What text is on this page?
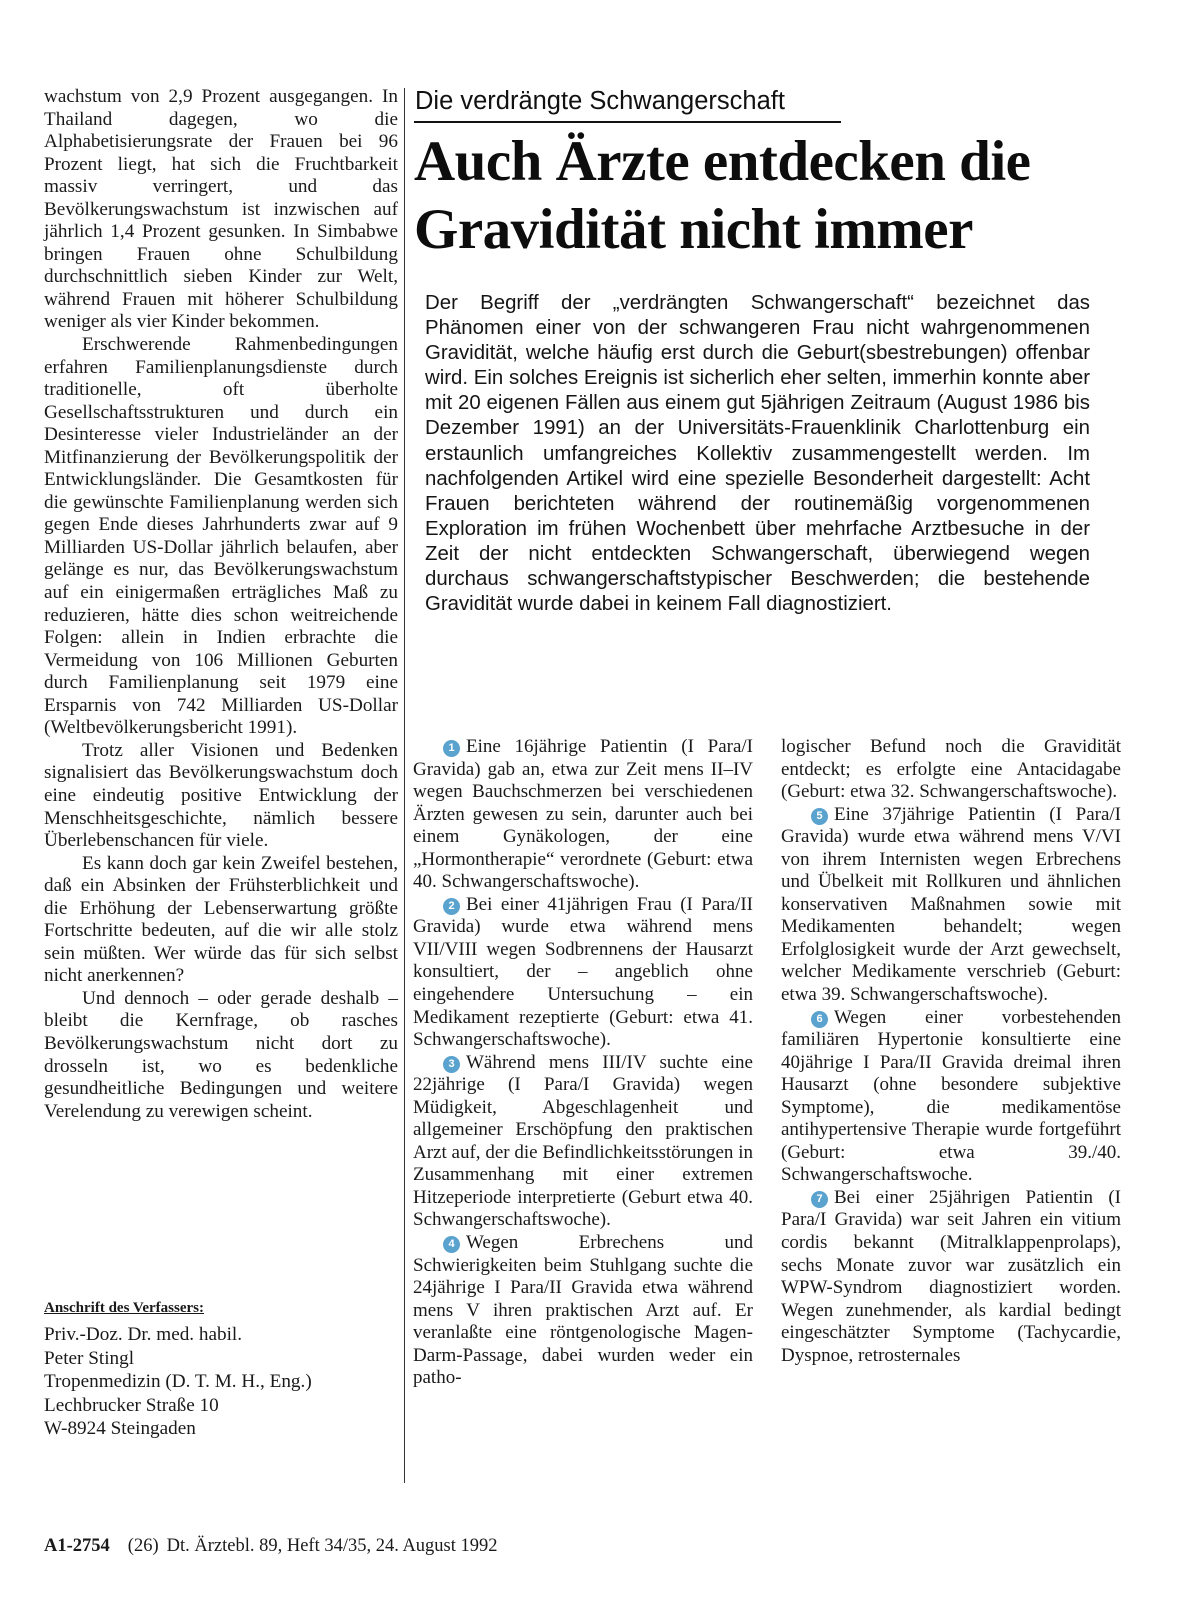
wachstum von 2,9 Prozent ausgegangen. In Thailand dagegen, wo die Alphabetisierungsrate der Frauen bei 96 Prozent liegt, hat sich die Fruchtbarkeit massiv verringert, und das Bevölkerungswachstum ist inzwischen auf jährlich 1,4 Prozent gesunken. In Simbabwe bringen Frauen ohne Schulbildung durchschnittlich sieben Kinder zur Welt, während Frauen mit höherer Schulbildung weniger als vier Kinder bekommen.

Erschwerende Rahmenbedingungen erfahren Familienplanungsdienste durch traditionelle, oft überholte Gesellschaftsstrukturen und durch ein Desinteresse vieler Industrieländer an der Mitfinanzierung der Bevölkerungspolitik der Entwicklungsländer. Die Gesamtkosten für die gewünschte Familienplanung werden sich gegen Ende dieses Jahrhunderts zwar auf 9 Milliarden US-Dollar jährlich belaufen, aber gelänge es nur, das Bevölkerungswachstum auf ein einigermaßen erträgliches Maß zu reduzieren, hätte dies schon weitreichende Folgen: allein in Indien erbrachte die Vermeidung von 106 Millionen Geburten durch Familienplanung seit 1979 eine Ersparnis von 742 Milliarden US-Dollar (Weltbevölkerungsbericht 1991).

Trotz aller Visionen und Bedenken signalisiert das Bevölkerungswachstum doch eine eindeutig positive Entwicklung der Menschheitsgeschichte, nämlich bessere Überlebenschancen für viele.

Es kann doch gar kein Zweifel bestehen, daß ein Absinken der Frühsterblichkeit und die Erhöhung der Lebenserwartung größte Fortschritte bedeuten, auf die wir alle stolz sein müßten. Wer würde das für sich selbst nicht anerkennen?

Und dennoch – oder gerade deshalb – bleibt die Kernfrage, ob rasches Bevölkerungswachstum nicht dort zu drosseln ist, wo es bedenkliche gesundheitliche Bedingungen und weitere Verelendung zu verewigen scheint.

Anschrift des Verfassers:
Priv.-Doz. Dr. med. habil.
Peter Stingl
Tropenmedizin (D. T. M. H., Eng.)
Lechbrucker Straße 10
W-8924 Steingaden
Die verdrängte Schwangerschaft
Auch Ärzte entdecken die
Gravidität nicht immer

Der Begriff der „verdrängten Schwangerschaft“ bezeichnet das Phänomen einer von der schwangeren Frau nicht wahrgenommenen Gravidität, welche häufig erst durch die Geburt(sbestrebungen) offenbar wird. Ein solches Ereignis ist sicherlich eher selten, immerhin konnte aber mit 20 eigenen Fällen aus einem gut 5jährigen Zeitraum (August 1986 bis Dezember 1991) an der Universitäts-Frauenklinik Charlottenburg ein erstaunlich umfangreiches Kollektiv zusammengestellt werden. Im nachfolgenden Artikel wird eine spezielle Besonderheit dargestellt: Acht Frauen berichteten während der routinemäßig vorgenommenen Exploration im frühen Wochenbett über mehrfache Arztbesuche in der Zeit der nicht entdeckten Schwangerschaft, überwiegend wegen durchaus schwangerschaftstypischer Beschwerden; die bestehende Gravidität wurde dabei in keinem Fall diagnostiziert.

1 Eine 16jährige Patientin (I Para/I Gravida) gab an, etwa zur Zeit mens II–IV wegen Bauchschmerzen bei verschiedenen Ärzten gewesen zu sein, darunter auch bei einem Gynäkologen, der eine „Hormontherapie“ verordnete (Geburt: etwa 40. Schwangerschaftswoche).

2 Bei einer 41jährigen Frau (I Para/II Gravida) wurde etwa während mens VII/VIII wegen Sodbrennens der Hausarzt konsultiert, der – angeblich ohne eingehendere Untersuchung – ein Medikament rezeptierte (Geburt: etwa 41. Schwangerschaftswoche).

3 Während mens III/IV suchte eine 22jährige (I Para/I Gravida) wegen Müdigkeit, Abgeschlagenheit und allgemeiner Erschöpfung den praktischen Arzt auf, der die Befindlichkeitsstörungen in Zusammenhang mit einer extremen Hitzeperiode interpretierte (Geburt etwa 40. Schwangerschaftswoche).

4 Wegen Erbrechens und Schwierigkeiten beim Stuhlgang suchte die 24jährige I Para/II Gravida etwa während mens V ihren praktischen Arzt auf. Er veranlaßte eine röntgenologische Magen-Darm-Passage, dabei wurden weder ein patho-

logischer Befund noch die Gravidität entdeckt; es erfolgte eine Antacidagabe (Geburt: etwa 32. Schwangerschaftswoche).

5 Eine 37jährige Patientin (I Para/I Gravida) wurde etwa während mens V/VI von ihrem Internisten wegen Erbrechens und Übelkeit mit Rollkuren und ähnlichen konservativen Maßnahmen sowie mit Medikamenten behandelt; wegen Erfolglosigkeit wurde der Arzt gewechselt, welcher Medikamente verschrieb (Geburt: etwa 39. Schwangerschaftswoche).

6 Wegen einer vorbestehenden familiären Hypertonie konsultierte eine 40jährige I Para/II Gravida dreimal ihren Hausarzt (ohne besondere subjektive Symptome), die medikamentöse antihypertensive Therapie wurde fortgeführt (Geburt: etwa 39./40. Schwangerschaftswoche.

7 Bei einer 25jährigen Patientin (I Para/I Gravida) war seit Jahren ein vitium cordis bekannt (Mitralklappenprolaps), sechs Monate zuvor war zusätzlich ein WPW-Syndrom diagnostiziert worden. Wegen zunehmender, als kardial bedingt eingeschätzter Symptome (Tachycardie, Dyspnoe, retrosternales

A1-2754 (26) Dt. Ärztebl. 89, Heft 34/35, 24. August 1992
